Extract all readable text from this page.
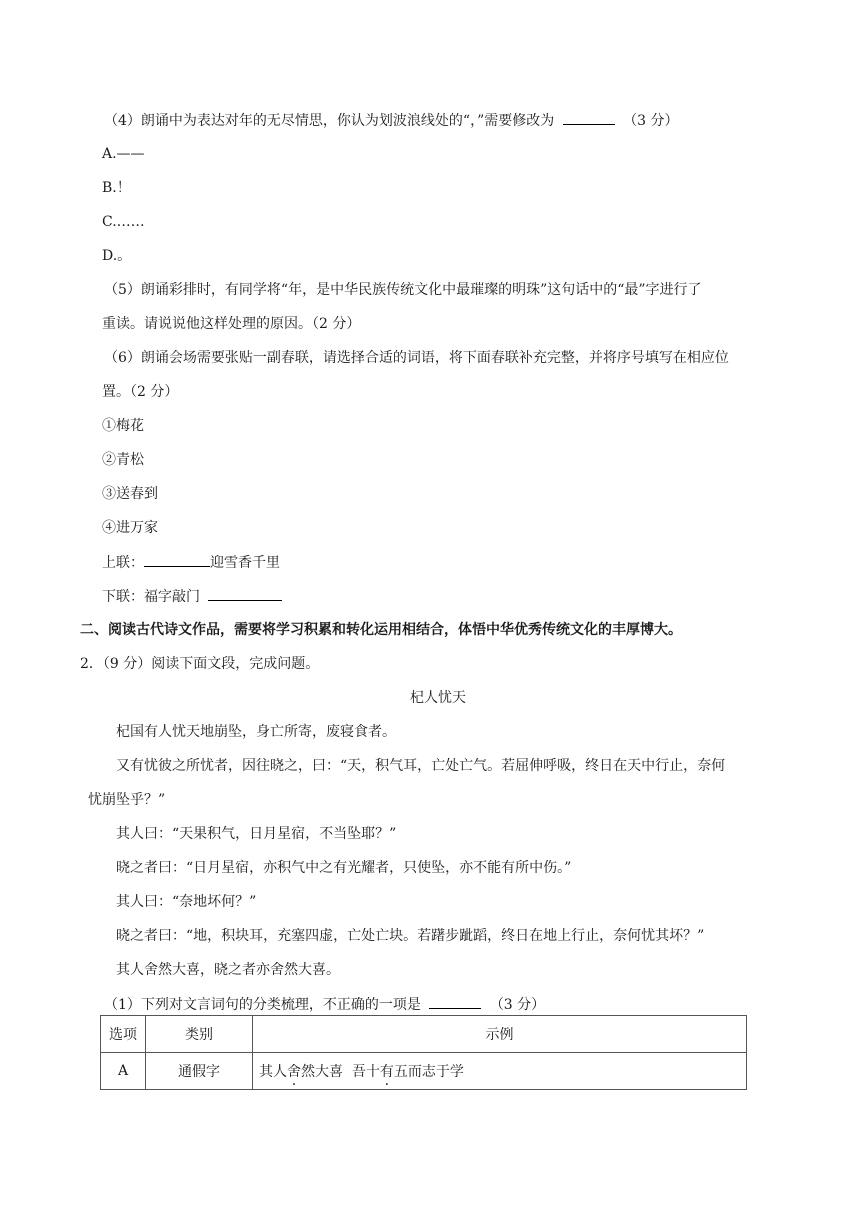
（4）朗诵中为表达对年的无尽情思，你认为划波浪线处的“，”需要修改为	（3 分）
A.——
B.！
C.……
D.。
（5）朗诵彩排时，有同学将“年，是中华民族传统文化中最璀璨的明珠”这句话中的“最”字进行了
重读。请说说他这样处理的原因。（2 分）
（6）朗诵会场需要张贴一副春联，请选择合适的词语，将下面春联补充完整，并将序号填写在相应位
置。（2 分）
①梅花
②青松
③送春到
④进万家
上联：	迎雪香千里
下联：福字敲门
二、阅读古代诗文作品，需要将学习积累和转化运用相结合，体悟中华优秀传统文化的丰厚博大。
2．（9 分）阅读下面文段，完成问题。
杞人忧天
杞国有人忧天地崩坠，身亡所寄，废寝食者。
又有忧彼之所忧者，因往晓之，曰：“天，积气耳，亡处亡气。若屈伸呼吸，终日在天中行止，奈何
忧崩坠乎？”
其人曰：“天果积气，日月星宿，不当坠耶？”
晓之者曰：“日月星宿，亦积气中之有光耀者，只使坠，亦不能有所中伤。”
其人曰：“奈地坏何？”
晓之者曰：“地，积块耳，充塞四虚，亡处亡块。若躇步跐蹈，终日在地上行止，奈何忧其坏？”
其人舍然大喜，晓之者亦舍然大喜。
（1）下列对文言词句的分类梳理，不正确的一项是	（3 分）
选项	类别	示例
A	通假字	其人舍然大喜 吾十有五而志于学
